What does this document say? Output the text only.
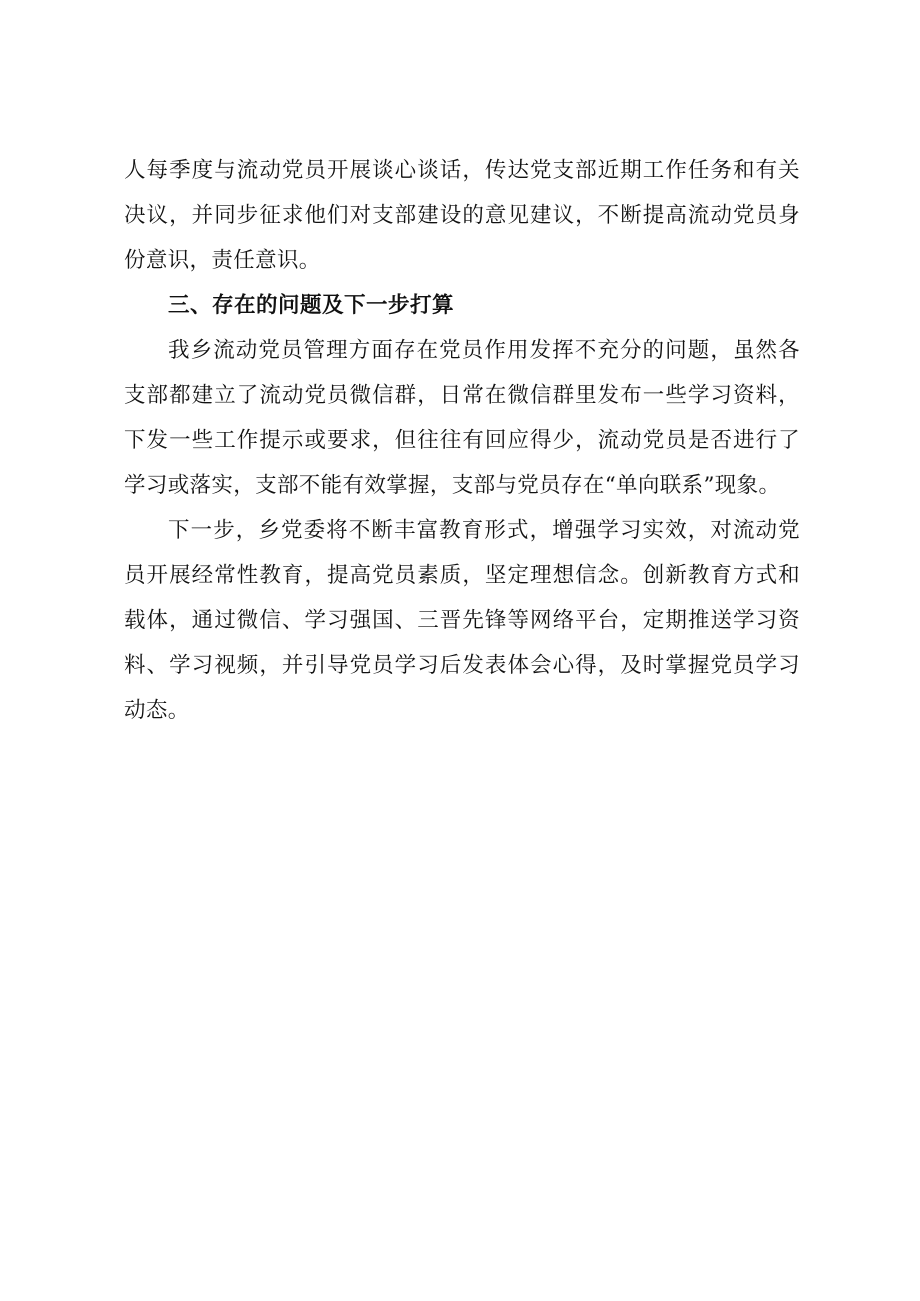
人每季度与流动党员开展谈心谈话，传达党支部近期工作任务和有关决议，并同步征求他们对支部建设的意见建议，不断提高流动党员身份意识，责任意识。

三、存在的问题及下一步打算

我乡流动党员管理方面存在党员作用发挥不充分的问题，虽然各支部都建立了流动党员微信群，日常在微信群里发布一些学习资料，下发一些工作提示或要求，但往往有回应得少，流动党员是否进行了学习或落实，支部不能有效掌握，支部与党员存在“单向联系”现象。

下一步，乡党委将不断丰富教育形式，增强学习实效，对流动党员开展经常性教育，提高党员素质，坚定理想信念。创新教育方式和载体，通过微信、学习强国、三晋先锋等网络平台，定期推送学习资料、学习视频，并引导党员学习后发表体会心得，及时掌握党员学习动态。
